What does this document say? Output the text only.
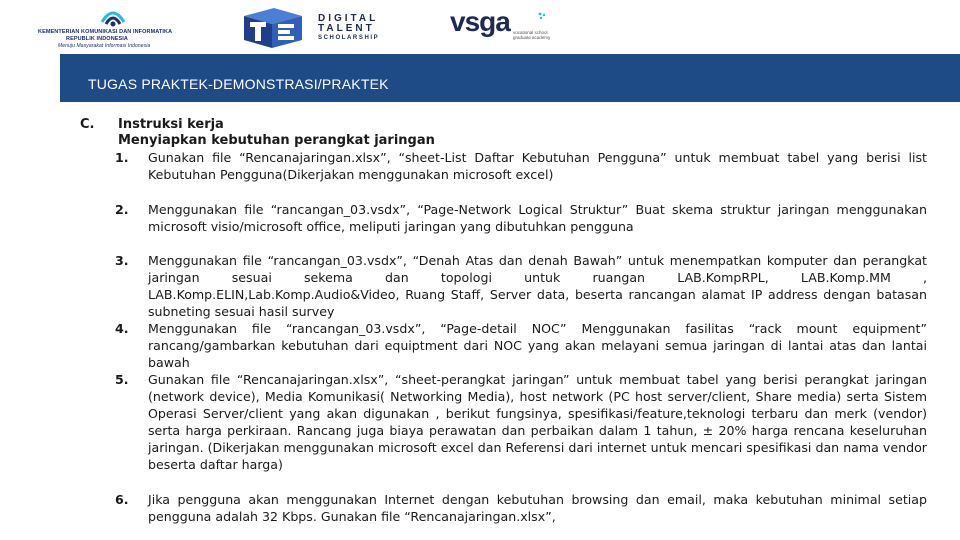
KEMENTERIAN KOMUNIKASI DAN INFORMATIKA
REPUBLIK INDONESIA
Menuju Masyarakat Informasi Indonesia
DIGITAL
TALENT
SCHOLARSHIP
vsga vocational school graduate academy
TUGAS PRAKTEK-DEMONSTRASI/PRAKTEK
C. Instruksi kerja
Menyiapkan kebutuhan perangkat jaringan
1.	Gunakan file “Rencanajaringan.xlsx”, “sheet-List Daftar Kebutuhan Pengguna” untuk membuat tabel yang berisi list Kebutuhan Pengguna(Dikerjakan menggunakan microsoft excel)
2.	Menggunakan file “rancangan_03.vsdx”, “Page-Network Logical Struktur” Buat skema struktur jaringan menggunakan microsoft visio/microsoft office, meliputi jaringan yang dibutuhkan pengguna
3.	Menggunakan file “rancangan_03.vsdx”, “Denah Atas dan denah Bawah” untuk menempatkan komputer dan perangkat jaringan sesuai sekema dan topologi untuk ruangan LAB.KompRPL, LAB.Komp.MM , LAB.Komp.ELIN,Lab.Komp.Audio&Video, Ruang Staff, Server data, beserta rancangan alamat IP address dengan batasan subneting sesuai hasil survey
4.	Menggunakan file “rancangan_03.vsdx”, “Page-detail NOC” Menggunakan fasilitas “rack mount equipment” rancang/gambarkan kebutuhan dari equiptment dari NOC yang akan melayani semua jaringan di lantai atas dan lantai bawah
5.	Gunakan file “Rencanajaringan.xlsx”, “sheet-perangkat jaringan” untuk membuat tabel yang berisi perangkat jaringan (network device), Media Komunikasi( Networking Media), host network (PC host server/client, Share media) serta Sistem Operasi Server/client yang akan digunakan , berikut fungsinya, spesifikasi/feature,teknologi terbaru dan merk (vendor) serta harga perkiraan. Rancang juga biaya perawatan dan perbaikan dalam 1 tahun, ± 20% harga rencana keseluruhan jaringan. (Dikerjakan menggunakan microsoft excel dan Referensi dari internet untuk mencari spesifikasi dan nama vendor beserta daftar harga)
6.	Jika pengguna akan menggunakan Internet dengan kebutuhan browsing dan email, maka kebutuhan minimal setiap pengguna adalah 32 Kbps. Gunakan file “Rencanajaringan.xlsx”,
